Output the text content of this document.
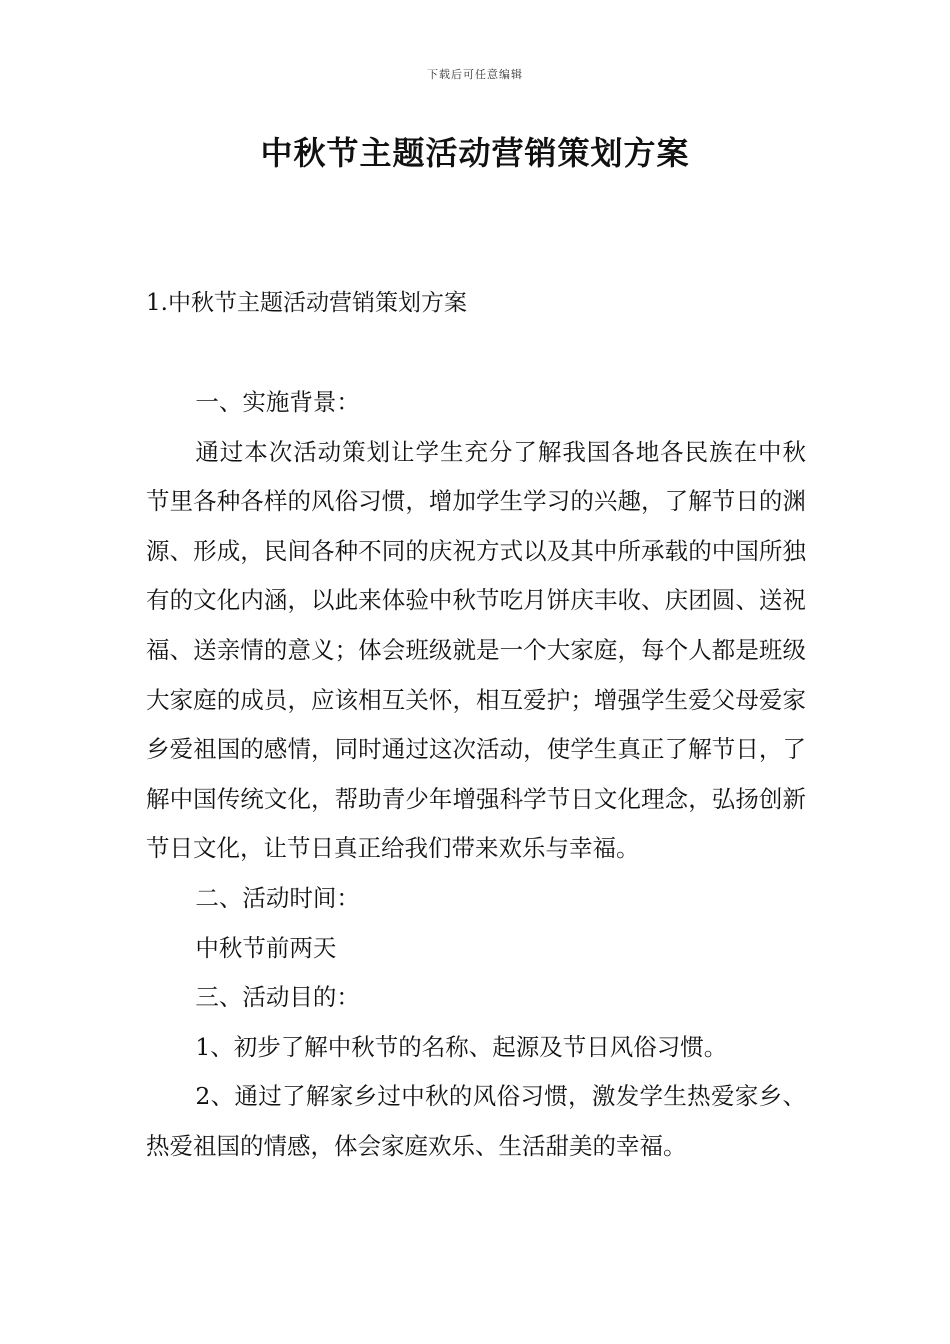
下载后可任意编辑
中秋节主题活动营销策划方案
1.中秋节主题活动营销策划方案

一、实施背景：

通过本次活动策划让学生充分了解我国各地各民族在中秋节里各种各样的风俗习惯，增加学生学习的兴趣，了解节日的渊源、形成，民间各种不同的庆祝方式以及其中所承载的中国所独有的文化内涵，以此来体验中秋节吃月饼庆丰收、庆团圆、送祝福、送亲情的意义；体会班级就是一个大家庭，每个人都是班级大家庭的成员，应该相互关怀，相互爱护；增强学生爱父母爱家乡爱祖国的感情，同时通过这次活动，使学生真正了解节日，了解中国传统文化，帮助青少年增强科学节日文化理念，弘扬创新节日文化，让节日真正给我们带来欢乐与幸福。

二、活动时间：

中秋节前两天

三、活动目的：

1、初步了解中秋节的名称、起源及节日风俗习惯。

2、通过了解家乡过中秋的风俗习惯，激发学生热爱家乡、热爱祖国的情感，体会家庭欢乐、生活甜美的幸福。
